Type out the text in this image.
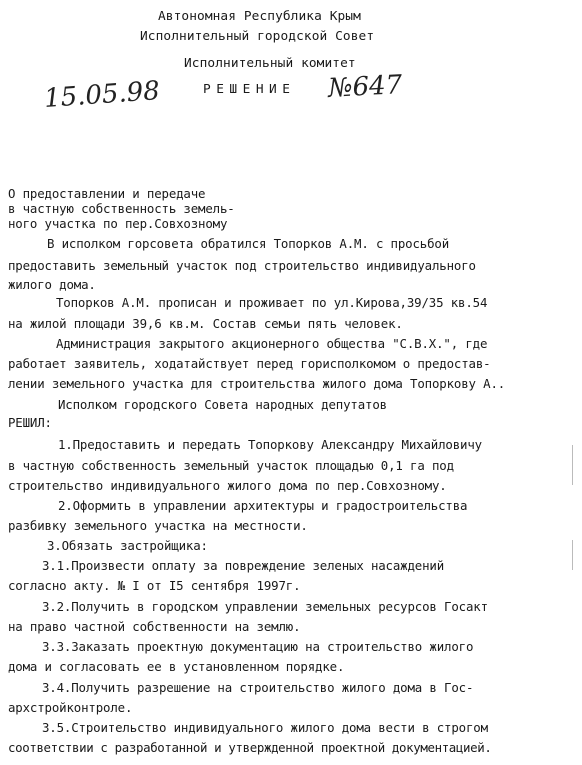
Автономная Республика Крым
Исполнительный городской Совет
Исполнительный комитет
15.05.98	РЕШЕНИЕ №647
О предоставлении и передаче
в частную собственность земель-
ного участка по пер.Совхозному
В исполком горсовета обратился Топорков А.М. с просьбой
предоставить земельный участок под строительство индивидуального
жилого дома.
Топорков А.М. прописан и проживает по ул.Кирова,39/35 кв.54
на жилой площади 39,6 кв.м. Состав семьи пять человек.
Администрация закрытого акционерного общества "С.В.Х.", где
работает заявитель, ходатайствует перед горисполкомом о предостав-
лении земельного участка для строительства жилого дома Топоркову А..
Исполком городского Совета народных депутатов
РЕШИЛ:
1.Предоставить и передать Топоркову Александру Михайловичу
в частную собственность земельный участок площадью 0,1 га под
строительство индивидуального жилого дома по пер.Совхозному.
2.Оформить в управлении архитектуры и градостроительства
разбивку земельного участка на местности.
3.Обязать застройщика:
3.1.Произвести оплату за повреждение зеленых насаждений
согласно акту. № I от I5 сентября 1997г.
3.2.Получить в городском управлении земельных ресурсов Госакт
на право частной собственности на землю.
3.3.Заказать проектную документацию на строительство жилого
дома и согласовать ее в установленном порядке.
3.4.Получить разрешение на строительство жилого дома в Гос-
архстройконтроле.
3.5.Строительство индивидуального жилого дома вести в строгом
соответствии с разработанной и утвержденной проектной документацией.
